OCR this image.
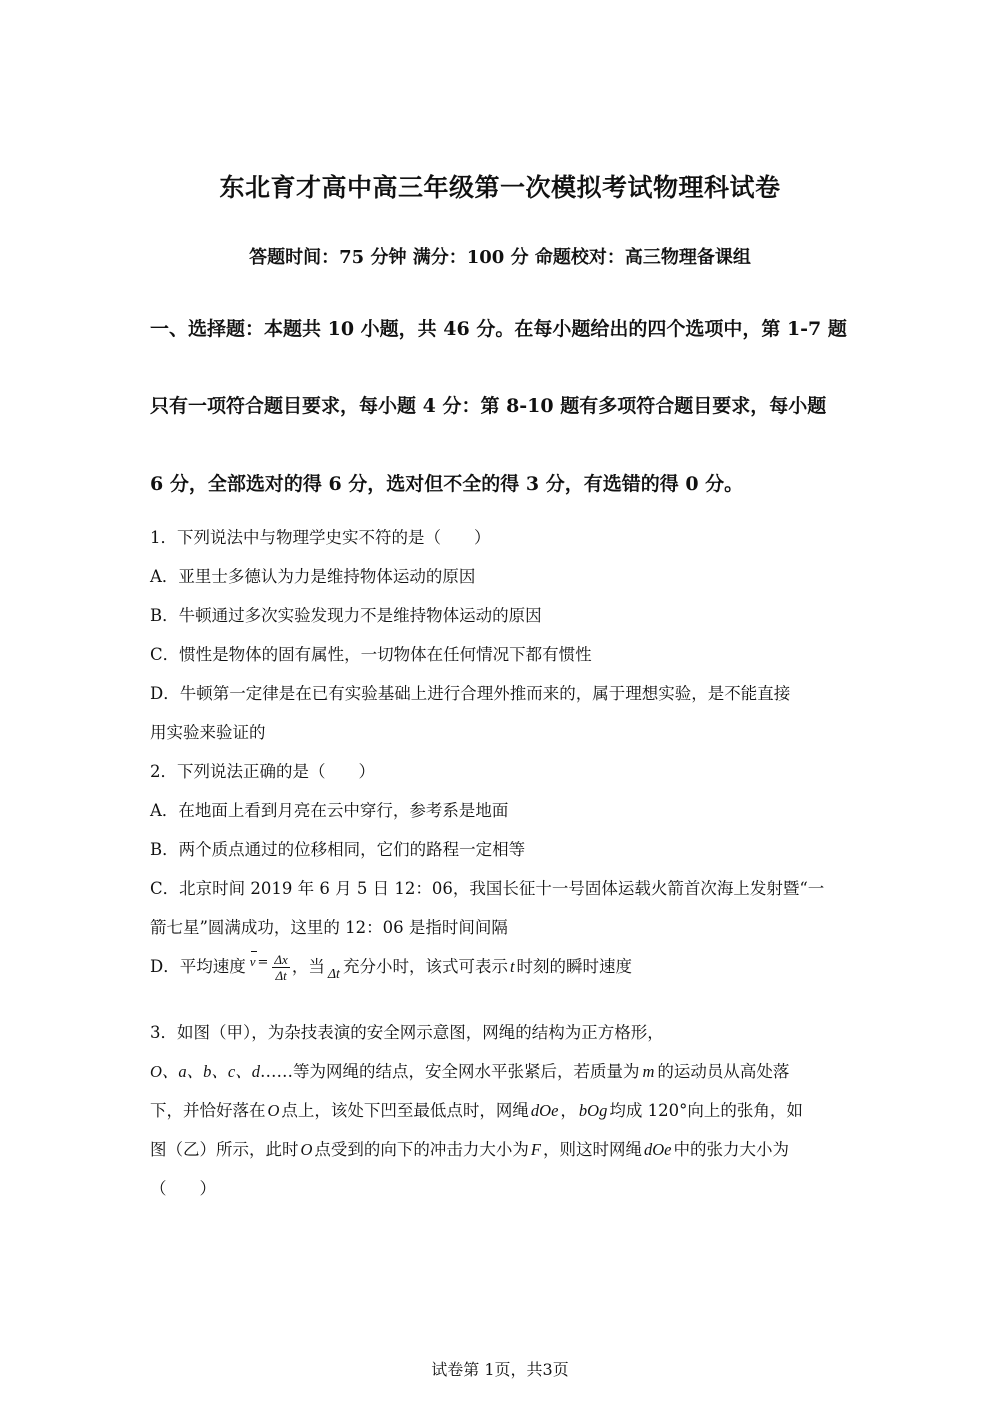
东北育才高中高三年级第一次模拟考试物理科试卷
答题时间：75 分钟 满分：100 分 命题校对：高三物理备课组
一、选择题：本题共 10 小题，共 46 分。在每小题给出的四个选项中，第 1-7 题
只有一项符合题目要求，每小题 4 分：第 8-10 题有多项符合题目要求，每小题
6 分，全部选对的得 6 分，选对但不全的得 3 分，有选错的得 0 分。
1．下列说法中与物理学史实不符的是（　　）
A．亚里士多德认为力是维持物体运动的原因
B．牛顿通过多次实验发现力不是维持物体运动的原因
C．惯性是物体的固有属性，一切物体在任何情况下都有惯性
D．牛顿第一定律是在已有实验基础上进行合理外推而来的，属于理想实验，是不能直接
用实验来验证的
2．下列说法正确的是（　　）
A．在地面上看到月亮在云中穿行，参考系是地面
B．两个质点通过的位移相同，它们的路程一定相等
C．北京时间 2019 年 6 月 5 日 12：06，我国长征十一号固体运载火箭首次海上发射暨“一
箭七星”圆满成功，这里的 12：06 是指时间间隔
D．平均速度 v $^= \frac{\Delta x}{\Delta t}$ ，当 $_{\Delta t}$ 充分小时，该式可表示 t 时刻的瞬时速度
3．如图（甲），为杂技表演的安全网示意图，网绳的结构为正方格形，
O、a、b、c、d……等为网绳的结点，安全网水平张紧后，若质量为 m 的运动员从高处落
下，并恰好落在 O 点上，该处下凹至最低点时，网绳 dOe ， bOg 均成 120°向上的张角，如
图（乙）所示，此时 O 点受到的向下的冲击力大小为 F ，则这时网绳 dOe 中的张力大小为
（　　）
试卷第 1页，共3页
